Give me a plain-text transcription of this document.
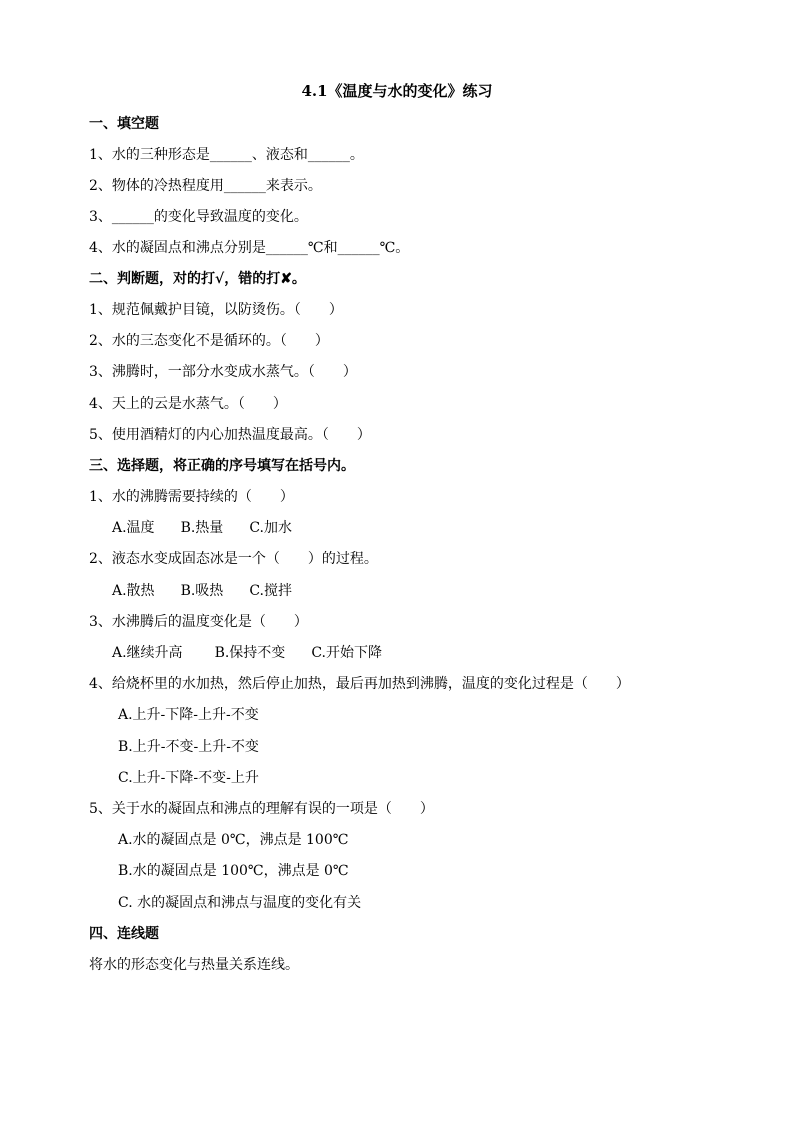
4.1《温度与水的变化》练习
一、填空题
1、水的三种形态是______、液态和______。
2、物体的冷热程度用______来表示。
3、______的变化导致温度的变化。
4、水的凝固点和沸点分别是______℃和______℃。
二、判断题，对的打√，错的打✘。
1、规范佩戴护目镜，以防烫伤。（　　）
2、水的三态变化不是循环的。（　　）
3、沸腾时，一部分水变成水蒸气。（　　）
4、天上的云是水蒸气。（　　）
5、使用酒精灯的内心加热温度最高。（　　）
三、选择题，将正确的序号填写在括号内。
1、水的沸腾需要持续的（　　）
A.温度 B.热量 C.加水
2、液态水变成固态冰是一个（　　）的过程。
A.散热 B.吸热 C.搅拌
3、水沸腾后的温度变化是（　　）
A.继续升高 B.保持不变 C.开始下降
4、给烧杯里的水加热，然后停止加热，最后再加热到沸腾，温度的变化过程是（　　）
A.上升-下降-上升-不变
B.上升-不变-上升-不变
C.上升-下降-不变-上升
5、关于水的凝固点和沸点的理解有误的一项是（　　）
A.水的凝固点是 0℃，沸点是 100℃
B.水的凝固点是 100℃，沸点是 0℃
C. 水的凝固点和沸点与温度的变化有关
四、连线题
将水的形态变化与热量关系连线。
